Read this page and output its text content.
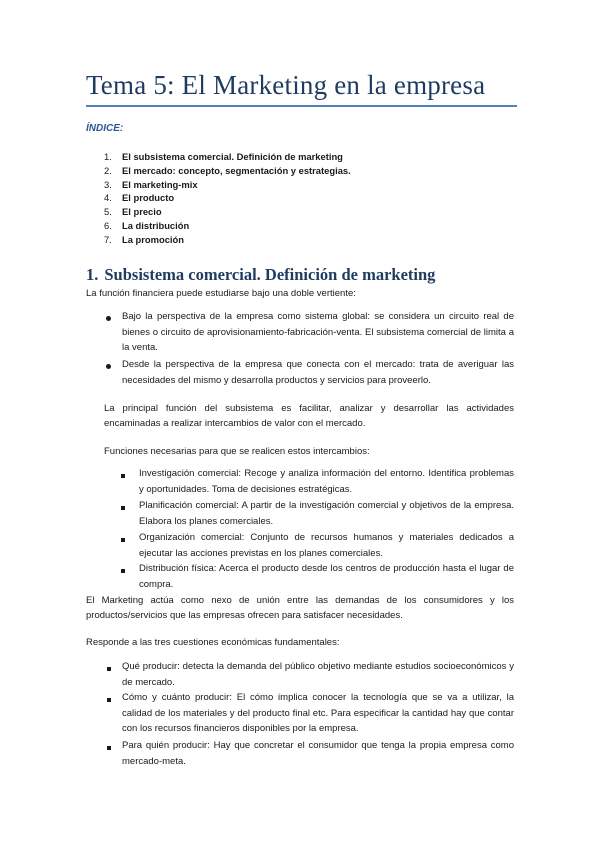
Tema 5: El Marketing en la empresa
ÍNDICE:
1. El subsistema comercial. Definición de marketing
2. El mercado: concepto, segmentación y estrategias.
3. El marketing-mix
4. El producto
5. El precio
6. La distribución
7. La promoción
1. Subsistema comercial. Definición de marketing
La función financiera puede estudiarse bajo una doble vertiente:
Bajo la perspectiva de la empresa como sistema global: se considera un circuito real de bienes o circuito de aprovisionamiento-fabricación-venta. El subsistema comercial de limita a la venta.
Desde la perspectiva de la empresa que conecta con el mercado: trata de averiguar las necesidades del mismo y desarrolla productos y servicios para proveerlo.
La principal función del subsistema es facilitar, analizar y desarrollar las actividades encaminadas a realizar intercambios de valor con el mercado.
Funciones necesarias para que se realicen estos intercambios:
Investigación comercial: Recoge y analiza información del entorno. Identifica problemas y oportunidades. Toma de decisiones estratégicas.
Planificación comercial: A partir de la investigación comercial y objetivos de la empresa. Elabora los planes comerciales.
Organización comercial: Conjunto de recursos humanos y materiales dedicados a ejecutar las acciones previstas en los planes comerciales.
Distribución física: Acerca el producto desde los centros de producción hasta el lugar de compra.
El Marketing actúa como nexo de unión entre las demandas de los consumidores y los productos/servicios que las empresas ofrecen para satisfacer necesidades.
Responde a las tres cuestiones económicas fundamentales:
Qué producir: detecta la demanda del público objetivo mediante estudios socioeconómicos y de mercado.
Cómo y cuánto producir: El cómo implica conocer la tecnología que se va a utilizar, la calidad de los materiales y del producto final etc. Para especificar la cantidad hay que contar con los recursos financieros disponibles por la empresa.
Para quién producir: Hay que concretar el consumidor que tenga la propia empresa como mercado-meta.
